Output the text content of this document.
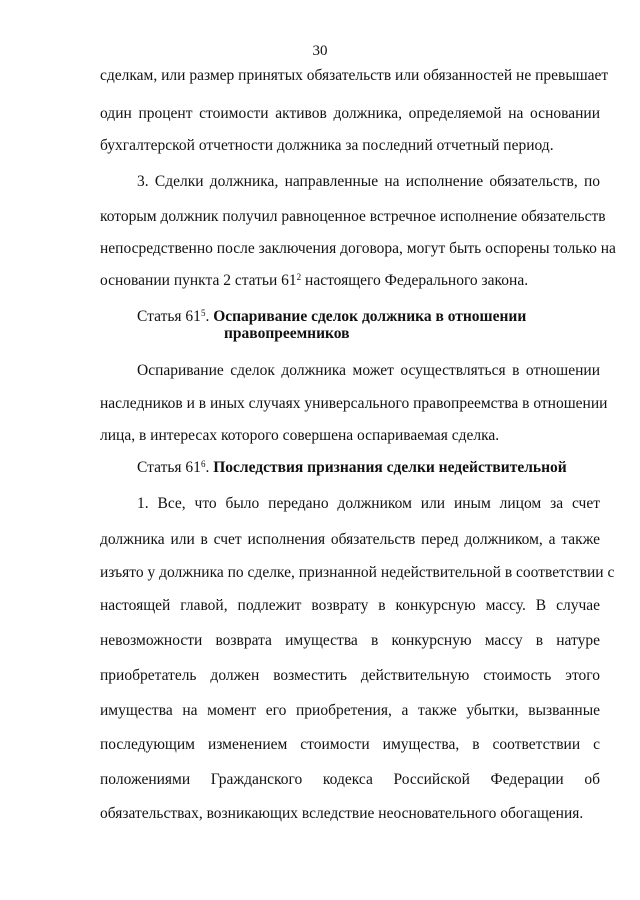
30
сделкам, или размер принятых обязательств или обязанностей не превышает
один процент стоимости активов должника, определяемой на основании
бухгалтерской отчетности должника за последний отчетный период.
3. Сделки должника, направленные на исполнение обязательств, по
которым должник получил равноценное встречное исполнение обязательств
непосредственно после заключения договора, могут быть оспорены только на
основании пункта 2 статьи $61^2$ настоящего Федерального закона.
Статья $61^5$. Оспаривание сделок должника в отношении
правопреемников
Оспаривание сделок должника может осуществляться в отношении
наследников и в иных случаях универсального правопреемства в отношении
лица, в интересах которого совершена оспариваемая сделка.
Статья $61^6$. Последствия признания сделки недействительной
1. Все, что было передано должником или иным лицом за счет
должника или в счет исполнения обязательств перед должником, а также
изъято у должника по сделке, признанной недействительной в соответствии с
настоящей главой, подлежит возврату в конкурсную массу. В случае
невозможности возврата имущества в конкурсную массу в натуре
приобретатель должен возместить действительную стоимость этого
имущества на момент его приобретения, а также убытки, вызванные
последующим изменением стоимости имущества, в соответствии с
положениями Гражданского кодекса Российской Федерации об
обязательствах, возникающих вследствие неосновательного обогащения.
